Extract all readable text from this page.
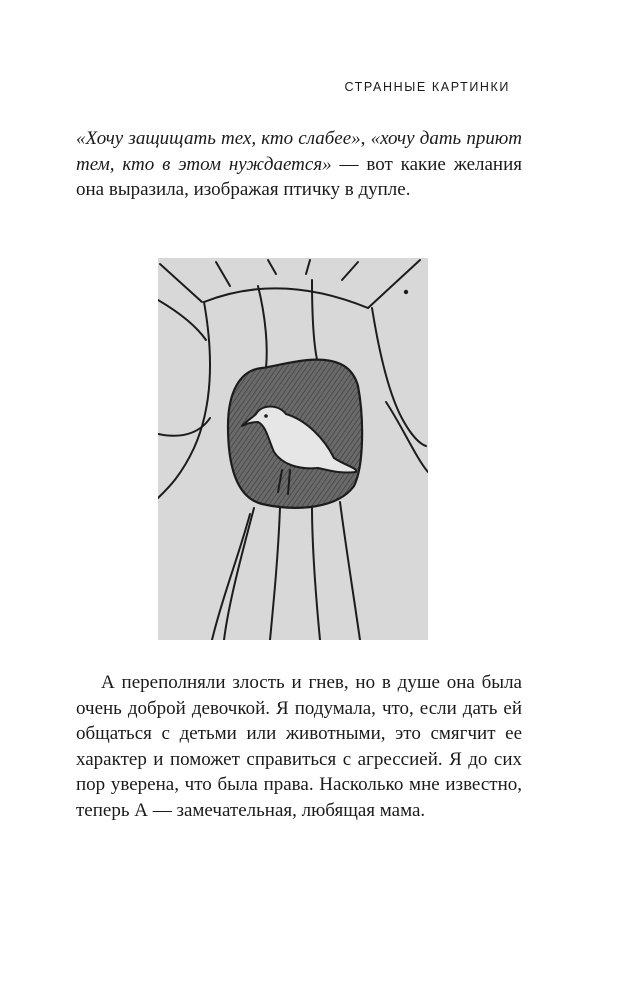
СТРАННЫЕ КАРТИНКИ

«Хочу защищать тех, кто слабее», «хочу дать приют тем, кто в этом нуждается» — вот какие желания она выразила, изображая птичку в дупле.

А переполняли злость и гнев, но в душе она была очень доброй девочкой. Я подумала, что, если дать ей общаться с детьми или животными, это смягчит ее характер и поможет справиться с агрессией. Я до сих пор уверена, что была права. Насколько мне известно, теперь А — замечательная, любящая мама.
